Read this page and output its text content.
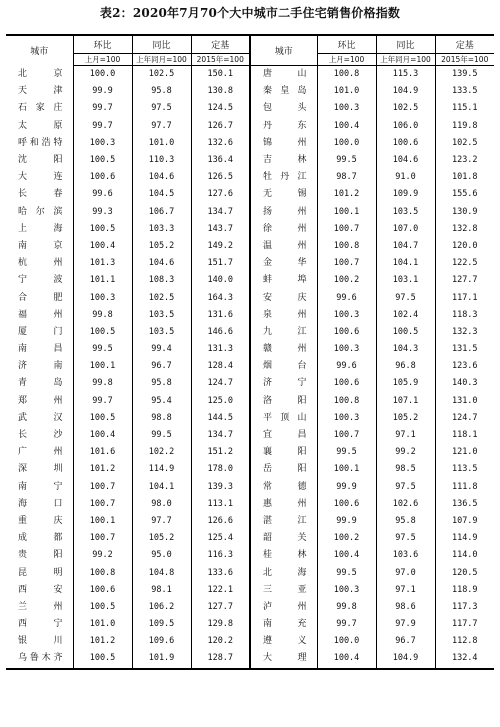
表2：2020年7月70个大中城市二手住宅销售价格指数
城市	环比	同比	定基	城市	环比	同比	定基
	上月=100	上年同月=100	2015年=100		上月=100	上年同月=100	2015年=100
北京	100.0	102.5	150.1	唐山	100.8	115.3	139.5
天津	99.9	95.8	130.8	秦皇岛	101.0	104.9	133.5
石家庄	99.7	97.5	124.5	包头	100.3	102.5	115.1
太原	99.7	97.7	126.7	丹东	100.4	106.0	119.8
呼和浩特	100.3	101.0	132.6	锦州	100.0	100.6	102.5
沈阳	100.5	110.3	136.4	吉林	99.5	104.6	123.2
大连	100.6	104.6	126.5	牡丹江	98.7	91.0	101.8
长春	99.6	104.5	127.6	无锡	101.2	109.9	155.6
哈尔滨	99.3	106.7	134.7	扬州	100.1	103.5	130.9
上海	100.5	103.3	143.7	徐州	100.7	107.0	132.8
南京	100.4	105.2	149.2	温州	100.8	104.7	120.0
杭州	101.3	104.6	151.7	金华	100.7	104.1	122.5
宁波	101.1	108.3	140.0	蚌埠	100.2	103.1	127.7
合肥	100.3	102.5	164.3	安庆	99.6	97.5	117.1
福州	99.8	103.5	131.6	泉州	100.3	102.4	118.3
厦门	100.5	103.5	146.6	九江	100.6	100.5	132.3
南昌	99.5	99.4	131.3	赣州	100.3	104.3	131.5
济南	100.1	96.7	128.4	烟台	99.6	96.8	123.6
青岛	99.8	95.8	124.7	济宁	100.6	105.9	140.3
郑州	99.7	95.4	125.0	洛阳	100.8	107.1	131.0
武汉	100.5	98.8	144.5	平顶山	100.3	105.2	124.7
长沙	100.4	99.5	134.7	宜昌	100.7	97.1	118.1
广州	101.6	102.2	151.2	襄阳	99.5	99.2	121.0
深圳	101.2	114.9	178.0	岳阳	100.1	98.5	113.5
南宁	100.7	104.1	139.3	常德	99.9	97.5	111.8
海口	100.7	98.0	113.1	惠州	100.6	102.6	136.5
重庆	100.1	97.7	126.6	湛江	99.9	95.8	107.9
成都	100.7	105.2	125.4	韶关	100.2	97.5	114.9
贵阳	99.2	95.0	116.3	桂林	100.4	103.6	114.0
昆明	100.8	104.8	133.6	北海	99.5	97.0	120.5
西安	100.6	98.1	122.1	三亚	100.3	97.1	118.9
兰州	100.5	106.2	127.7	泸州	99.8	98.6	117.3
西宁	101.0	109.5	129.8	南充	99.7	97.9	117.7
银川	101.2	109.6	120.2	遵义	100.0	96.7	112.8
乌鲁木齐	100.5	101.9	128.7	大理	100.4	104.9	132.4
